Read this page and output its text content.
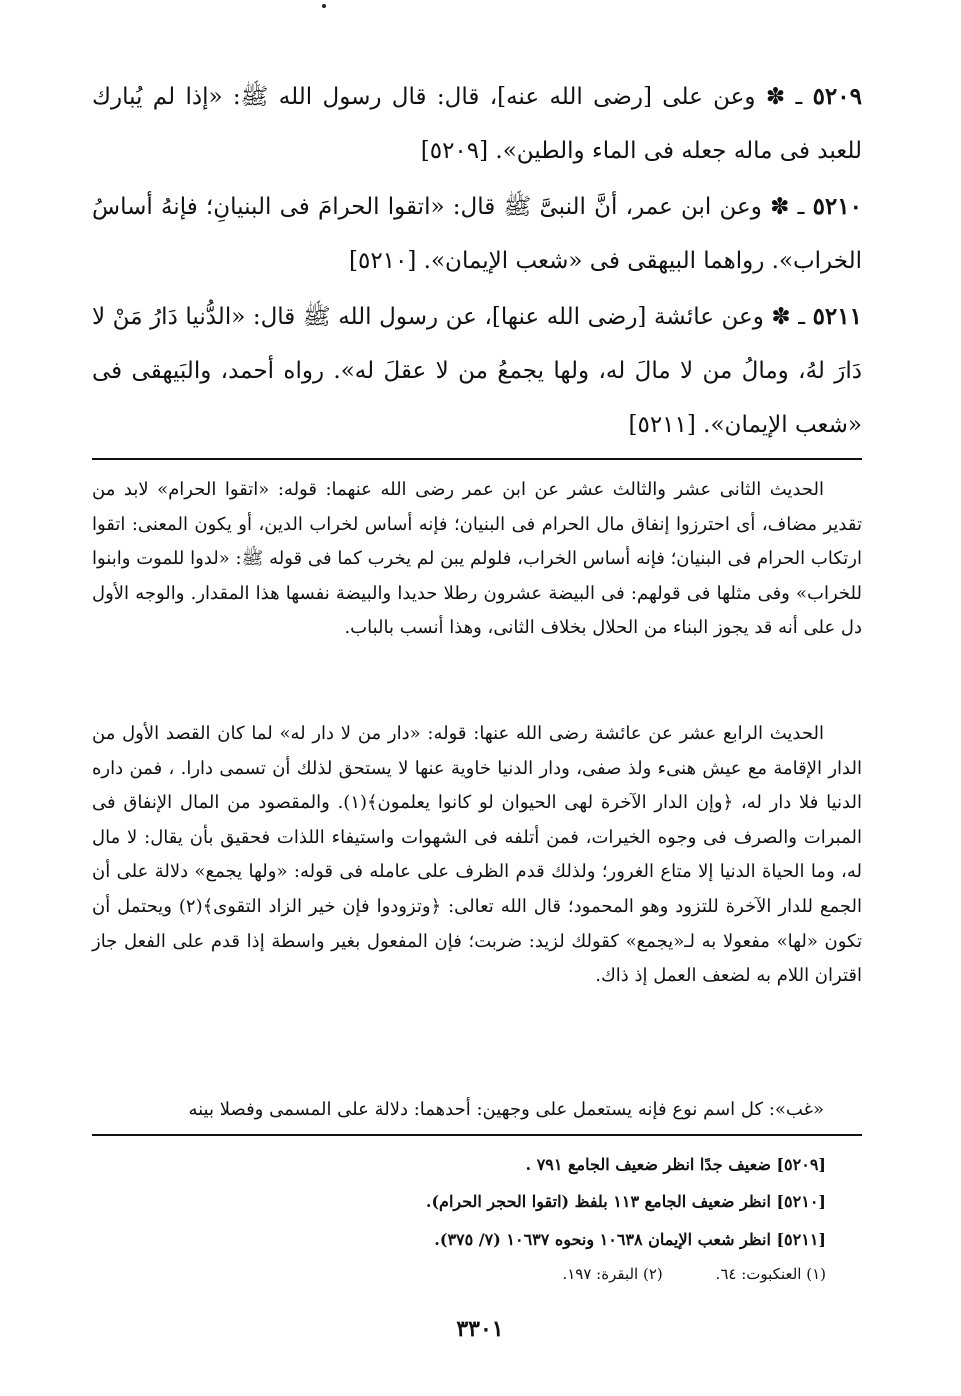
٥٢٠٩ ـ ✽ وعن على [رضى الله عنه]، قال: قال رسول الله ﷺ: «إذا لم يُبارك للعبد فى ماله جعله فى الماء والطين». [٥٢٠٩]
٥٢١٠ ـ ✽ وعن ابن عمر، أنَّ النبىَّ ﷺ قال: «اتقوا الحرامَ فى البنيانِ؛ فإنهُ أساسُ الخراب». رواهما البيهقى فى «شعب الإيمان». [٥٢١٠]
٥٢١١ ـ ✽ وعن عائشة [رضى الله عنها]، عن رسول الله ﷺ قال: «الدُّنيا دَارُ مَنْ لا دَارَ لهُ، ومالُ من لا مالَ له، ولها يجمعُ من لا عقلَ له». رواه أحمد، والبَيهقى فى «شعب الإيمان». [٥٢١١]
الحديث الثانى عشر والثالث عشر عن ابن عمر رضى الله عنهما: قوله: «اتقوا الحرام» لابد من تقدير مضاف، أى احترزوا إنفاق مال الحرام فى البنيان؛ فإنه أساس لخراب الدين، أو يكون المعنى: اتقوا ارتكاب الحرام فى البنيان؛ فإنه أساس الخراب، فلولم يبن لم يخرب كما فى قوله ﷺ: «لدوا للموت وابنوا للخراب» وفى مثلها فى قولهم: فى البيضة عشرون رطلا حديدا والبيضة نفسها هذا المقدار. والوجه الأول دل على أنه قد يجوز البناء من الحلال بخلاف الثانى، وهذا أنسب بالباب.
الحديث الرابع عشر عن عائشة رضى الله عنها: قوله: «دار من لا دار له» لما كان القصد الأول من الدار الإقامة مع عيش هنىء ولذ صفى، ودار الدنيا خاوية عنها لا يستحق لذلك أن تسمى دارا. ، فمن داره الدنيا فلا دار له، ﴿وإن الدار الآخرة لهى الحيوان لو كانوا يعلمون﴾(١). والمقصود من المال الإنفاق فى المبرات والصرف فى وجوه الخيرات، فمن أتلفه فى الشهوات واستيفاء اللذات فحقيق بأن يقال: لا مال له، وما الحياة الدنيا إلا متاع الغرور؛ ولذلك قدم الظرف على عامله فى قوله: «ولها يجمع» دلالة على أن الجمع للدار الآخرة للتزود وهو المحمود؛ قال الله تعالى: ﴿وتزودوا فإن خير الزاد التقوى﴾(٢) ويحتمل أن تكون «لها» مفعولا به لـ«يجمع» كقولك لزيد: ضربت؛ فإن المفعول بغير واسطة إذا قدم على الفعل جاز اقتران اللام به لضعف العمل إذ ذاك.
«غب»: كل اسم نوع فإنه يستعمل على وجهين: أحدهما: دلالة على المسمى وفصلا بينه
[٥٢٠٩] ضعيف جدًا انظر ضعيف الجامع ٧٩١ .
[٥٢١٠] انظر ضعيف الجامع ١١٣ بلفظ (اتقوا الحجر الحرام).
[٥٢١١] انظر شعب الإيمان ١٠٦٣٨ ونحوه ١٠٦٣٧ (٧/ ٣٧٥).
(١) العنكبوت: ٦٤. (٢) البقرة: ١٩٧.
٣٣٠١
